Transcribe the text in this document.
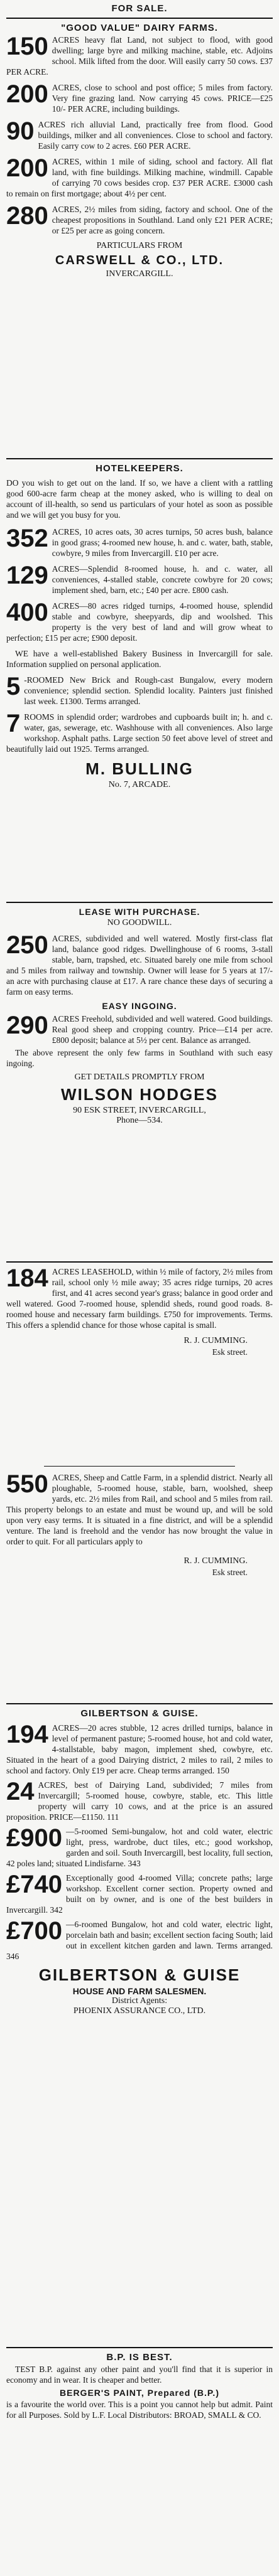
FOR SALE.
"GOOD VALUE" DAIRY FARMS.
150 ACRES heavy flat Land, not subject to flood, with good dwelling; large byre and milking machine, stable, etc. Adjoins school. Milk lifted from the door. Will easily carry 50 cows. £37 PER ACRE.
200 ACRES, close to school and post office; 5 miles from factory. Very fine grazing land. Now carrying 45 cows. PRICE—£25 10/- PER ACRE, including buildings.
90 ACRES rich alluvial Land, practically free from flood. Good buildings, milker and all conveniences. Close to school and factory. Easily carry cow to 2 acres. £60 PER ACRE.
200 ACRES, within 1 mile of siding, school and factory. All flat land, with fine buildings. Milking machine, windmill. Capable of carrying 70 cows besides crop. £37 PER ACRE. £3000 cash to remain on first mortgage; about 4½ per cent.
280 ACRES, 2½ miles from siding, factory and school. One of the cheapest propositions in Southland. Land only £21 PER ACRE; or £25 per acre as going concern.
PARTICULARS FROM
CARSWELL & CO., LTD.
INVERCARGILL.
HOTELKEEPERS.
DO you wish to get out on the land. If so, we have a client with a rattling good 600-acre farm cheap at the money asked, who is willing to deal on account of ill-health, so send us particulars of your hotel as soon as possible and we will get you busy for you.
352 ACRES, 10 acres oats, 30 acres turnips, 50 acres bush, balance in good grass; 4-roomed new house, h. and c. water, bath, stable, cowbyre, 9 miles from Invercargill. £10 per acre.
129 ACRES—Splendid 8-roomed house, h. and c. water, all conveniences, 4-stalled stable, concrete cowbyre for 20 cows; implement shed, barn, etc.; £40 per acre. £800 cash.
400 ACRES—80 acres ridged turnips, 4-roomed house, splendid stable and cowbyre, sheepyards, dip and woolshed. This property is the very best of land and will grow wheat to perfection; £15 per acre; £900 deposit.
WE have a well-established Bakery Business in Invercargill for sale. Information supplied on personal application.
5 -ROOMED New Brick and Rough-cast Bungalow, every modern convenience; splendid section. Splendid locality. Painters just finished last week. £1300. Terms arranged.
7 ROOMS in splendid order; wardrobes and cupboards built in; h. and c. water, gas, sewerage, etc. Washhouse with all conveniences. Also large workshop. Asphalt paths. Large section 50 feet above level of street and beautifully laid out 1925. Terms arranged.
M. BULLING
No. 7, ARCADE.
LEASE WITH PURCHASE.
NO GOODWILL.
250 ACRES, subdivided and well watered. Mostly first-class flat land, balance good ridges. Dwellinghouse of 6 rooms, 3-stall stable, barn, trapshed, etc. Situated barely one mile from school and 5 miles from railway and township. Owner will lease for 5 years at 17/- an acre with purchasing clause at £17. A rare chance these days of securing a farm on easy terms.
EASY INGOING.
290 ACRES Freehold, subdivided and well watered. Good buildings. Real good sheep and cropping country. Price—£14 per acre. £800 deposit; balance at 5½ per cent. Balance as arranged.
The above represent the only few farms in Southland with such easy ingoing.
GET DETAILS PROMPTLY FROM
WILSON HODGES
90 ESK STREET, INVERCARGILL,
Phone—534.
184 ACRES LEASEHOLD, within ½ mile of factory, 2½ miles from rail, school only ½ mile away; 35 acres ridge turnips, 20 acres first, and 41 acres second year's grass; balance in good order and well watered. Good 7-roomed house, splendid sheds, round good roads. 8-roomed house and necessary farm buildings. £750 for improvements. Terms. This offers a splendid chance for those whose capital is small.
R. J. CUMMING.
Esk street.
550 ACRES, Sheep and Cattle Farm, in a splendid district. Nearly all ploughable, 5-roomed house, stable, barn, woolshed, sheep yards, etc. 2½ miles from Rail, and school and 5 miles from rail. This property belongs to an estate and must be wound up, and will be sold upon very easy terms. It is situated in a fine district, and will be a splendid venture. The land is freehold and the vendor has now brought the value in order to quit. For all particulars apply to
R. J. CUMMING.
Esk street.
GILBERTSON & GUISE.
194 ACRES—20 acres stubble, 12 acres drilled turnips, balance in level of permanent pasture; 5-roomed house, hot and cold water, 4-stallstable, baby magon, implement shed, cowbyre, etc. Situated in the heart of a good Dairying district, 2 miles to rail, 2 miles to school and factory. Only £19 per acre. Cheap terms arranged. 150
24 ACRES, best of Dairying Land, subdivided; 7 miles from Invercargill; 5-roomed house, cowbyre, stable, etc. This little property will carry 10 cows, and at the price is an assured proposition. PRICE—£1150. 111
£900 —5-roomed Semi-bungalow, hot and cold water, electric light, press, wardrobe, duct tiles, etc.; good workshop, garden and soil. South Invercargill, best locality, full section, 42 poles land; situated Lindisfarne. 343
£740 Exceptionally good 4-roomed Villa; concrete paths; large workshop. Excellent corner section. Property owned and built on by owner, and is one of the best builders in Invercargill. 342
£700 —6-roomed Bungalow, hot and cold water, electric light, porcelain bath and basin; excellent section facing South; laid out in excellent kitchen garden and lawn. Terms arranged. 346
GILBERTSON & GUISE
HOUSE AND FARM SALESMEN.
District Agents:
PHOENIX ASSURANCE CO., LTD.
B.P. IS BEST.
TEST B.P. against any other paint and you'll find that it is superior in economy and in wear. It is cheaper and better.
BERGER'S PAINT, Prepared (B.P.)
is a favourite the world over. This is a point you cannot help but admit. Paint for all Purposes. Sold by L.F. Local Distributors: BROAD, SMALL & CO.
